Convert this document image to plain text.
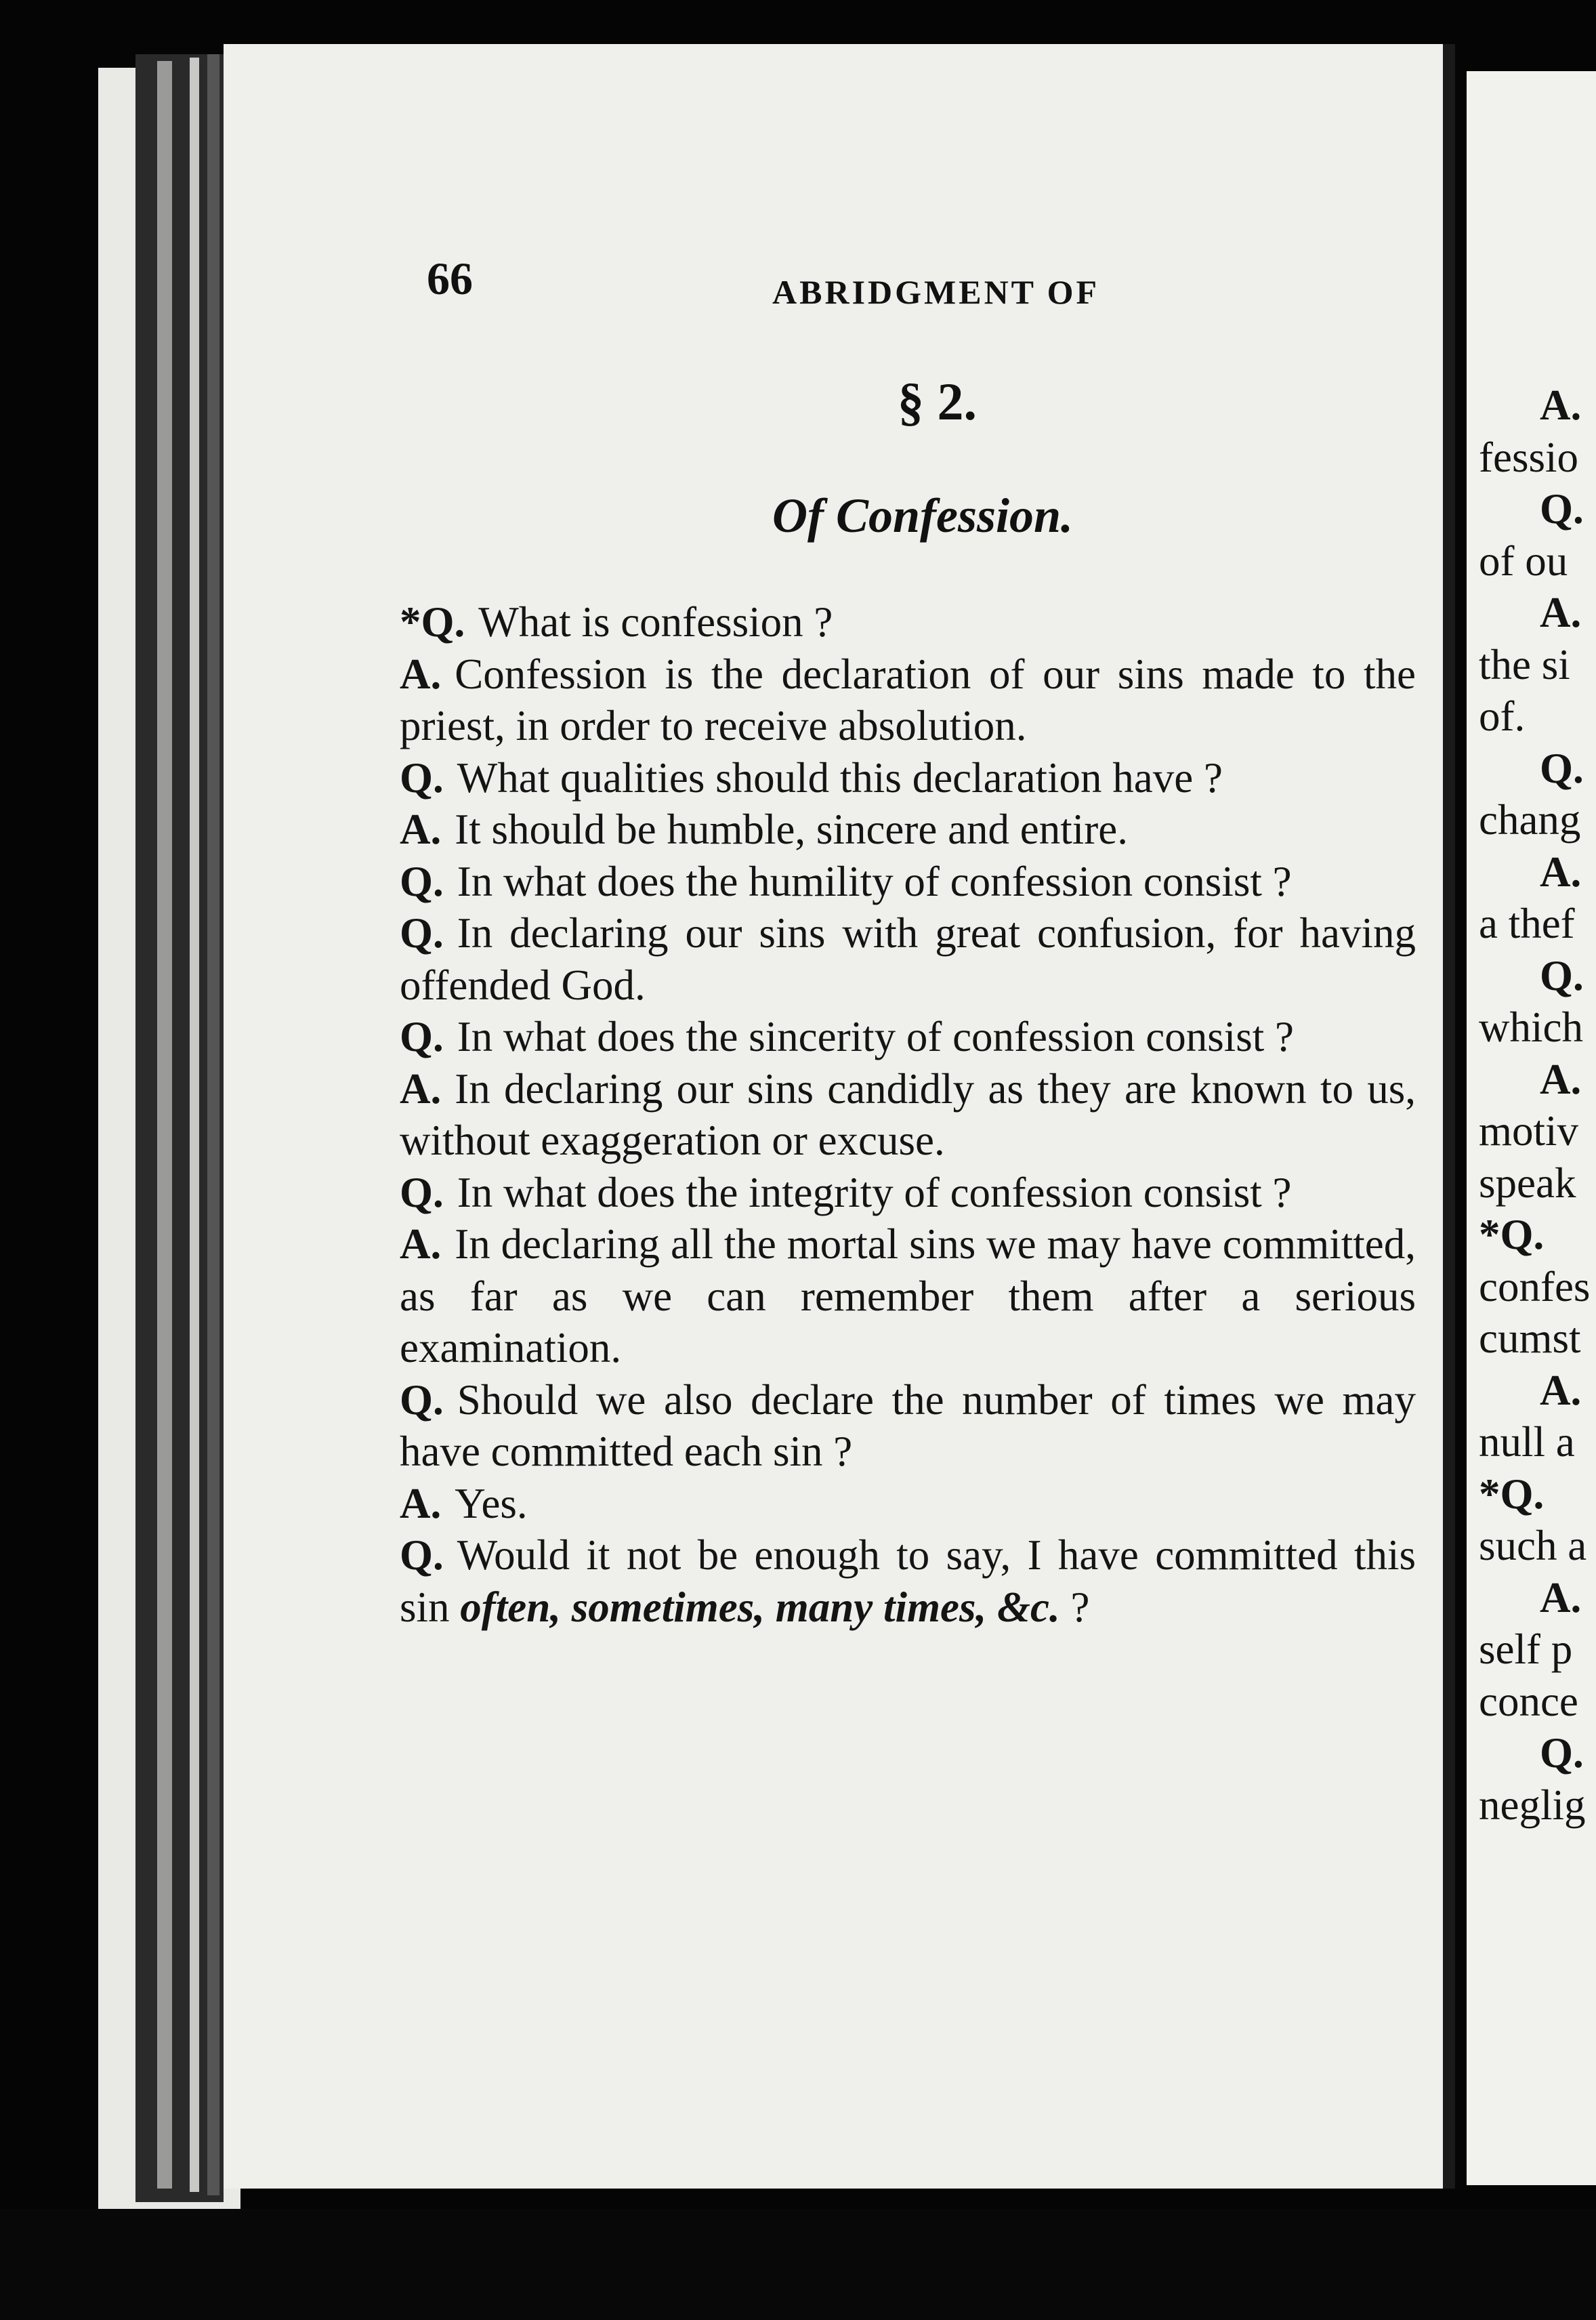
66	ABRIDGMENT OF
§ 2.
Of Confession.

*Q. What is confession ?

A. Confession is the declaration of our sins made to the priest, in order to receive absolution.

Q. What qualities should this declaration have ?

A. It should be humble, sincere and entire.

Q. In what does the humility of confession consist ?

Q. In declaring our sins with great confusion, for having offended God.

Q. In what does the sincerity of confession consist ?

A. In declaring our sins candidly as they are known to us, without exaggeration or excuse.

Q. In what does the integrity of confession consist ?

A. In declaring all the mortal sins we may have committed, as far as we can remember them after a serious examination.

Q. Should we also declare the number of times we may have committed each sin ?

A. Yes.

Q. Would it not be enough to say, I have committed this sin often, sometimes, many times, &c. ?

A.
fessio
Q.
of ou
A.
the si
of.
Q.
chang
A.
a thef
Q.
which
A.
motiv
speak
*Q.
confes
cumst
A.
null a
*Q.
such a
A.
self p
conce
Q.
neglig
